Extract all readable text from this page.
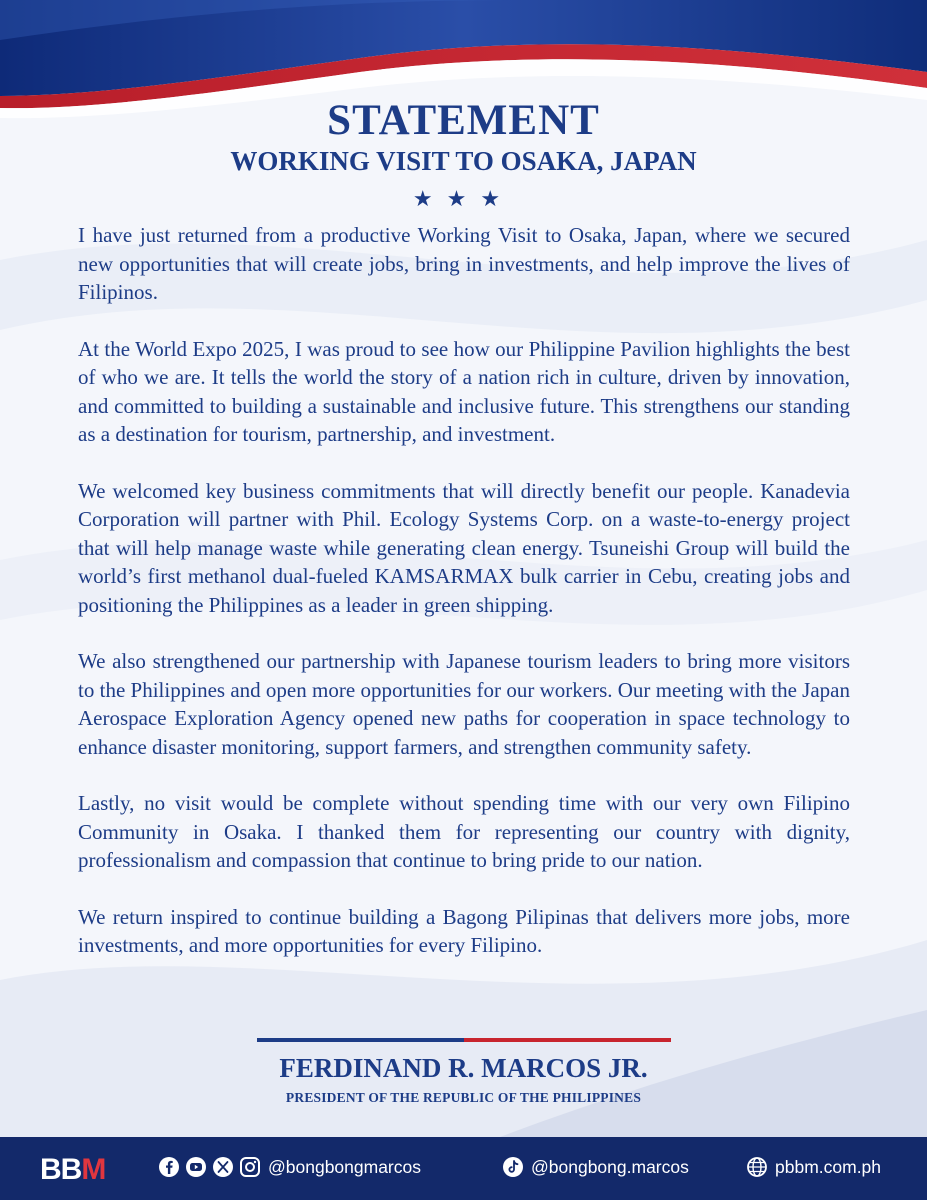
STATEMENT
WORKING VISIT TO OSAKA, JAPAN
★★★

I have just returned from a productive Working Visit to Osaka, Japan, where we secured new opportunities that will create jobs, bring in investments, and help improve the lives of Filipinos.

At the World Expo 2025, I was proud to see how our Philippine Pavilion highlights the best of who we are. It tells the world the story of a nation rich in culture, driven by innovation, and committed to building a sustainable and inclusive future. This strengthens our standing as a destination for tourism, partnership, and investment.

We welcomed key business commitments that will directly benefit our people. Kanadevia Corporation will partner with Phil. Ecology Systems Corp. on a waste-to-energy project that will help manage waste while generating clean energy. Tsuneishi Group will build the world’s first methanol dual-fueled KAMSARMAX bulk carrier in Cebu, creating jobs and positioning the Philippines as a leader in green shipping.

We also strengthened our partnership with Japanese tourism leaders to bring more visitors to the Philippines and open more opportunities for our workers. Our meeting with the Japan Aerospace Exploration Agency opened new paths for cooperation in space technology to enhance disaster monitoring, support farmers, and strengthen community safety.

Lastly, no visit would be complete without spending time with our very own Filipino Community in Osaka. I thanked them for representing our country with dignity, professionalism and compassion that continue to bring pride to our nation.

We return inspired to continue building a Bagong Pilipinas that delivers more jobs, more investments, and more opportunities for every Filipino.

FERDINAND R. MARCOS JR.

PRESIDENT OF THE REPUBLIC OF THE PHILIPPINES

BBM	@bongbongmarcos	@bongbong.marcos	pbbm.com.ph
